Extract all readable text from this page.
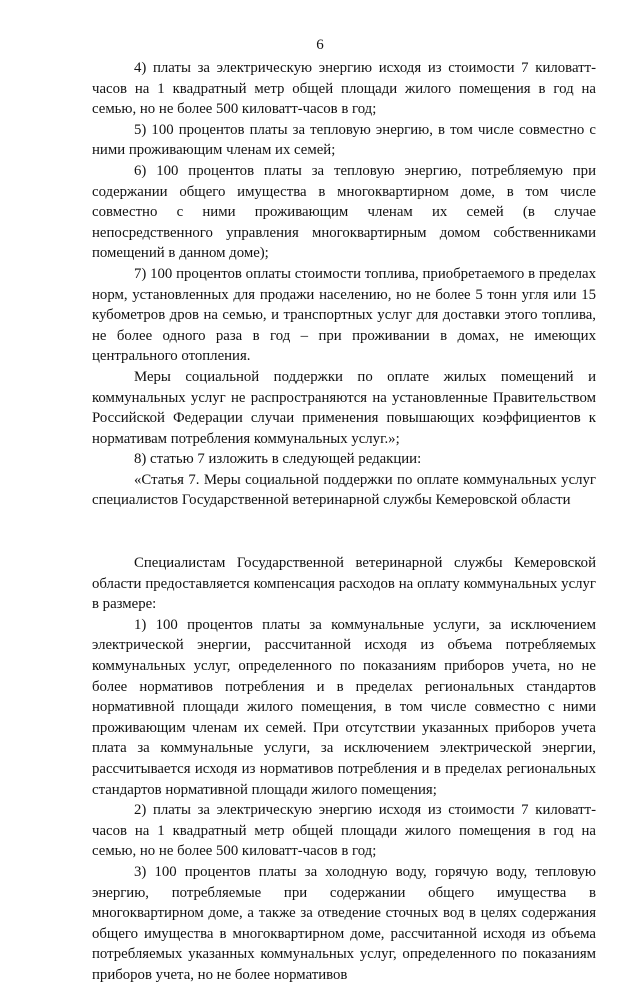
6

4) платы за электрическую энергию исходя из стоимости 7 киловатт-часов на 1 квадратный метр общей площади жилого помещения в год на семью, но не более 500 киловатт-часов в год;

5) 100 процентов платы за тепловую энергию, в том числе совместно с ними проживающим членам их семей;

6) 100 процентов платы за тепловую энергию, потребляемую при содержании общего имущества в многоквартирном доме, в том числе совместно с ними проживающим членам их семей (в случае непосредственного управления многоквартирным домом собственниками помещений в данном доме);

7) 100 процентов оплаты стоимости топлива, приобретаемого в пределах норм, установленных для продажи населению, но не более 5 тонн угля или 15 кубометров дров на семью, и транспортных услуг для доставки этого топлива, не более одного раза в год – при проживании в домах, не имеющих центрального отопления.

Меры социальной поддержки по оплате жилых помещений и коммунальных услуг не распространяются на установленные Правительством Российской Федерации случаи применения повышающих коэффициентов к нормативам потребления коммунальных услуг.»;

8) статью 7 изложить в следующей редакции:

«Статья 7. Меры социальной поддержки по оплате коммунальных услуг специалистов Государственной ветеринарной службы Кемеровской области

Специалистам Государственной ветеринарной службы Кемеровской области предоставляется компенсация расходов на оплату коммунальных услуг в размере:

1) 100 процентов платы за коммунальные услуги, за исключением электрической энергии, рассчитанной исходя из объема потребляемых коммунальных услуг, определенного по показаниям приборов учета, но не более нормативов потребления и в пределах региональных стандартов нормативной площади жилого помещения, в том числе совместно с ними проживающим членам их семей. При отсутствии указанных приборов учета плата за коммунальные услуги, за исключением электрической энергии, рассчитывается исходя из нормативов потребления и в пределах региональных стандартов нормативной площади жилого помещения;

2) платы за электрическую энергию исходя из стоимости 7 киловатт-часов на 1 квадратный метр общей площади жилого помещения в год на семью, но не более 500 киловатт-часов в год;

3) 100 процентов платы за холодную воду, горячую воду, тепловую энергию, потребляемые при содержании общего имущества в многоквартирном доме, а также за отведение сточных вод в целях содержания общего имущества в многоквартирном доме, рассчитанной исходя из объема потребляемых указанных коммунальных услуг, определенного по показаниям приборов учета, но не более нормативов
